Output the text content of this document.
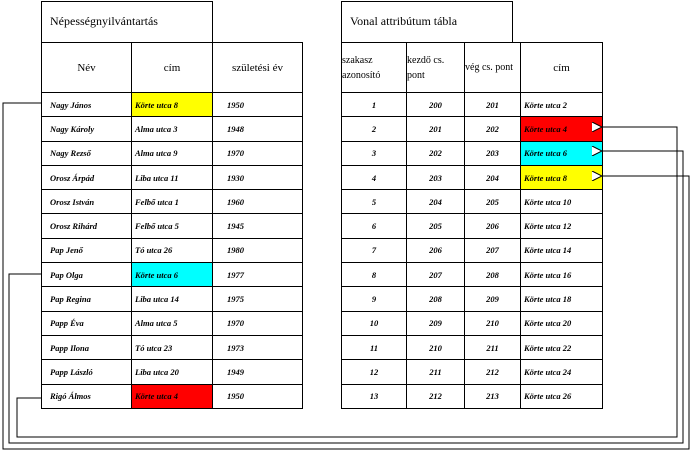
Népességnyilvántartás
Név	cím	születési év
Nagy János	Körte utca 8	1950
Nagy Károly	Alma utca 3	1948
Nagy Rezső	Alma utca 9	1970
Orosz Árpád	Liba utca 11	1930
Orosz István	Felbő utca 1	1960
Orosz Rihárd	Felbő utca 5	1945
Pap Jenő	Tó utca 26	1980
Pap Olga	Körte utca 6	1977
Pap Regina	Liba utca 14	1975
Papp Éva	Alma utca 5	1970
Papp Ilona	Tó utca 23	1973
Papp László	Liba utca 20	1949
Rigó Álmos	Körte utca 4	1950
Vonal attribútum tábla
szakasz azonosító	kezdő cs. pont	vég cs. pont	cím
1	200	201	Körte utca 2
2	201	202	Körte utca 4
3	202	203	Körte utca 6
4	203	204	Körte utca 8
5	204	205	Körte utca 10
6	205	206	Körte utca 12
7	206	207	Körte utca 14
8	207	208	Körte utca 16
9	208	209	Körte utca 18
10	209	210	Körte utca 20
11	210	211	Körte utca 22
12	211	212	Körte utca 24
13	212	213	Körte utca 26
